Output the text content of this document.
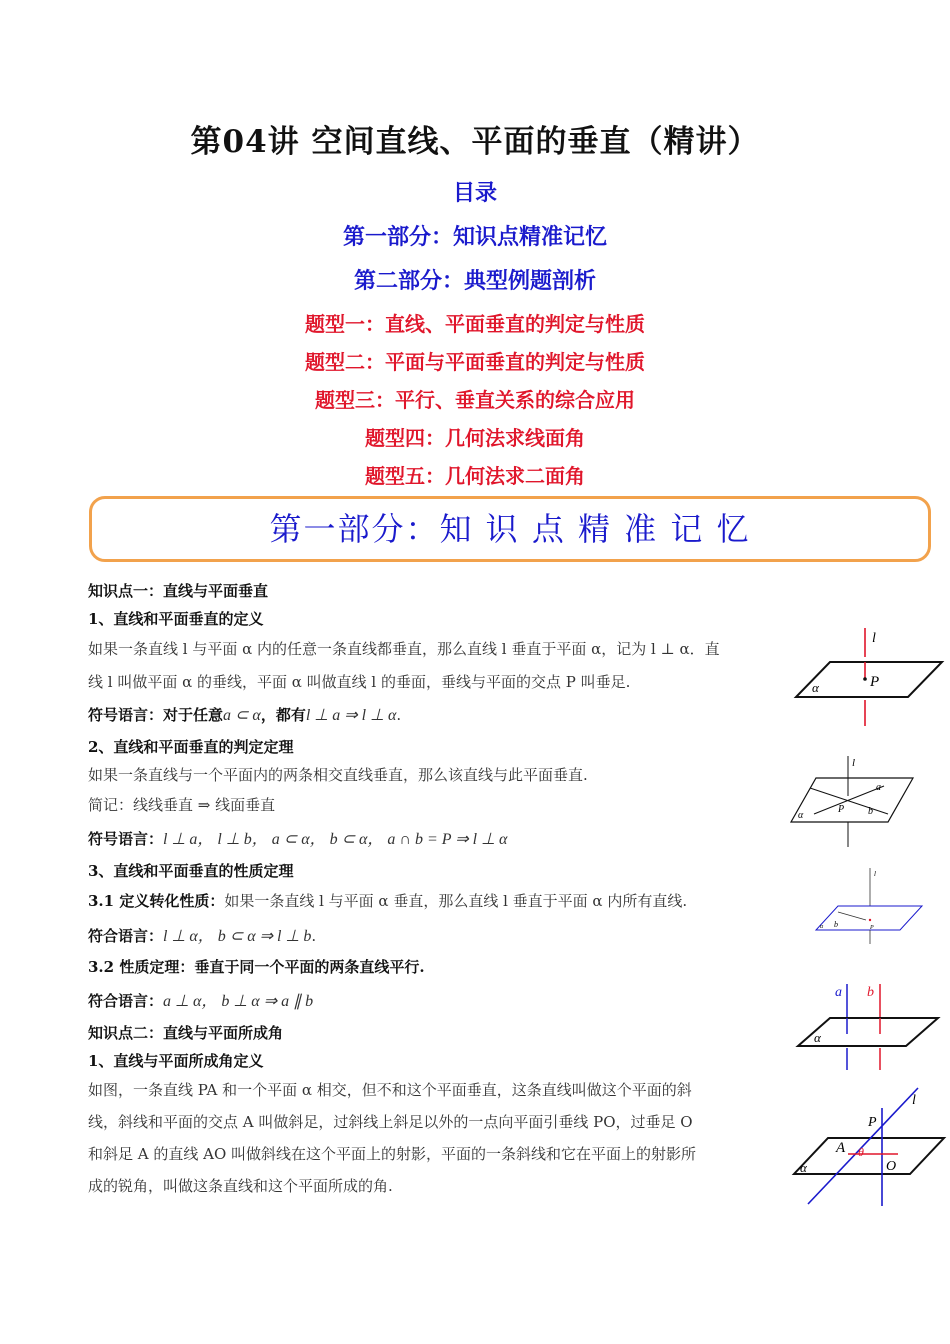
第04讲 空间直线、平面的垂直（精讲）
目录
第一部分：知识点精准记忆
第二部分：典型例题剖析
题型一：直线、平面垂直的判定与性质
题型二：平面与平面垂直的判定与性质
题型三：平行、垂直关系的综合应用
题型四：几何法求线面角
题型五：几何法求二面角
第一部分：知 识 点 精 准 记 忆
知识点一：直线与平面垂直
1、直线和平面垂直的定义
如果一条直线 l 与平面 α 内的任意一条直线都垂直，那么直线 l 垂直于平面 α，记为 l ⊥ α．直
线 l 叫做平面 α 的垂线，平面 α 叫做直线 l 的垂面，垂线与平面的交点 P 叫垂足.
符号语言：对于任意a ⊂ α，都有l ⊥ a ⇒ l ⊥ α.
2、直线和平面垂直的判定定理
如果一条直线与一个平面内的两条相交直线垂直，那么该直线与此平面垂直.
简记：线线垂直 ⇒ 线面垂直
符号语言：l ⊥ a， l ⊥ b， a ⊂ α， b ⊂ α， a ∩ b = P ⇒ l ⊥ α
3、直线和平面垂直的性质定理
3.1 定义转化性质：如果一条直线 l 与平面 α 垂直，那么直线 l 垂直于平面 α 内所有直线.
符合语言：l ⊥ α， b ⊂ α ⇒ l ⊥ b.
3.2 性质定理：垂直于同一个平面的两条直线平行.
符合语言：a ⊥ α， b ⊥ α ⇒ a ∥ b
知识点二：直线与平面所成角
1、直线与平面所成角定义
如图，一条直线 PA 和一个平面 α 相交，但不和这个平面垂直，这条直线叫做这个平面的斜
线，斜线和平面的交点 A 叫做斜足，过斜线上斜足以外的一点向平面引垂线 PO，过垂足 O
和斜足 A 的直线 AO 叫做斜线在这个平面上的射影，平面的一条斜线和它在平面上的射影所
成的锐角，叫做这条直线和这个平面所成的角.
l
P
α
l
a
b
P
α
l
b	P
α
a b
α
P
l
A θ
O
α
